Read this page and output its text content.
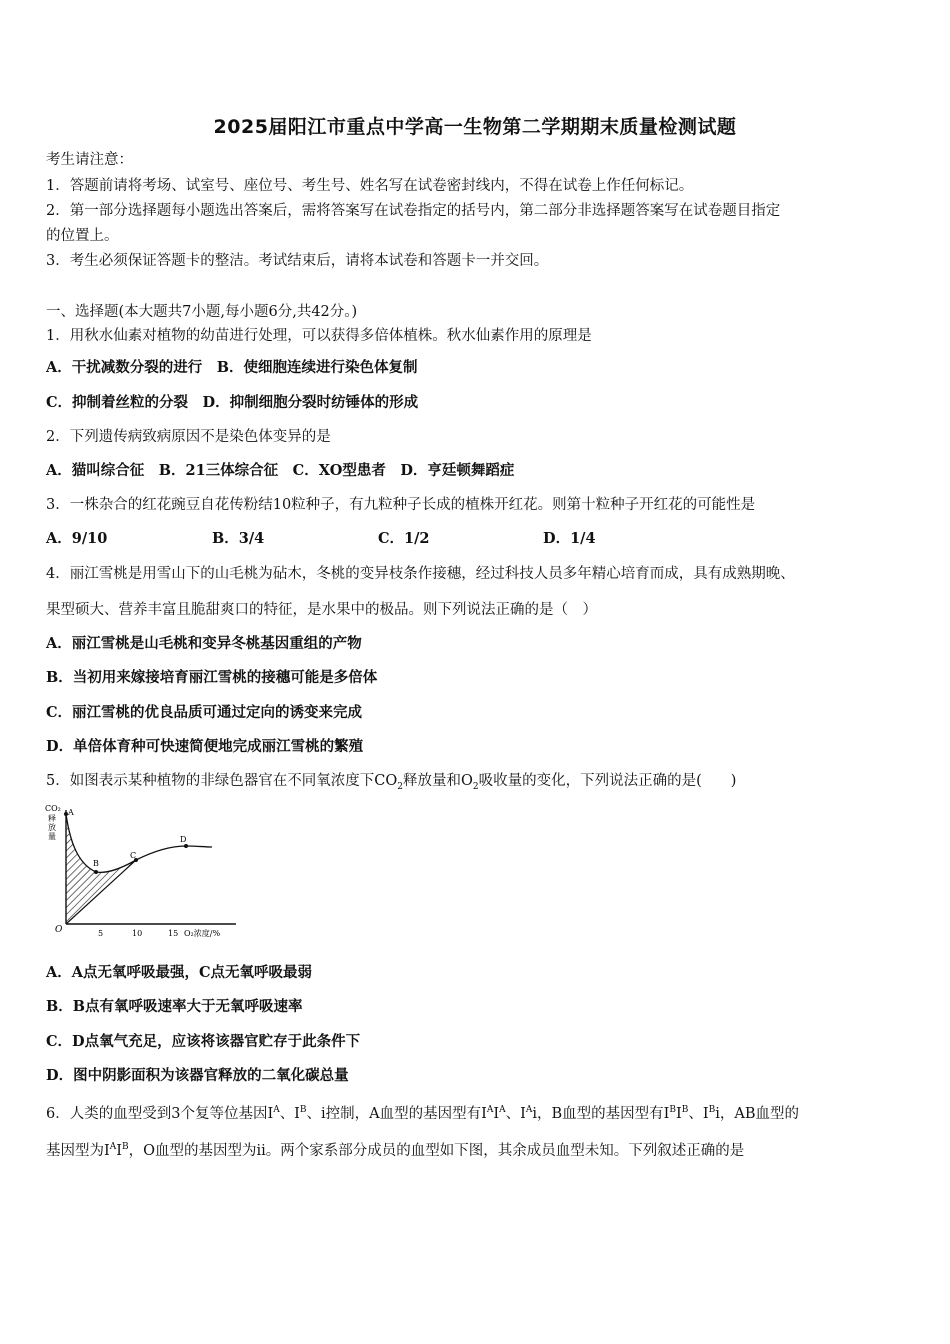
2025届阳江市重点中学高一生物第二学期期末质量检测试题
考生请注意：
1．答题前请将考场、试室号、座位号、考生号、姓名写在试卷密封线内，不得在试卷上作任何标记。
2．第一部分选择题每小题选出答案后，需将答案写在试卷指定的括号内，第二部分非选择题答案写在试卷题目指定
的位置上。
3．考生必须保证答题卡的整洁。考试结束后，请将本试卷和答题卡一并交回。
一、选择题(本大题共7小题,每小题6分,共42分。)
1．用秋水仙素对植物的幼苗进行处理，可以获得多倍体植株。秋水仙素作用的原理是
A．干扰减数分裂的进行　B．使细胞连续进行染色体复制
C．抑制着丝粒的分裂　D．抑制细胞分裂时纺锤体的形成
2．下列遗传病致病原因不是染色体变异的是
A．猫叫综合征　B．21三体综合征　C．XO型患者　D．亨廷顿舞蹈症
3．一株杂合的红花豌豆自花传粉结10粒种子，有九粒种子长成的植株开红花。则第十粒种子开红花的可能性是
A．9/10	B．3/4	C．1/2	D．1/4
4．丽江雪桃是用雪山下的山毛桃为砧木，冬桃的变异枝条作接穗，经过科技人员多年精心培育而成，具有成熟期晚、
果型硕大、营养丰富且脆甜爽口的特征，是水果中的极品。则下列说法正确的是（　）
A．丽江雪桃是山毛桃和变异冬桃基因重组的产物
B．当初用来嫁接培育丽江雪桃的接穗可能是多倍体
C．丽江雪桃的优良品质可通过定向的诱变来完成
D．单倍体育种可快速简便地完成丽江雪桃的繁殖
5．如图表示某种植物的非绿色器官在不同氧浓度下$CO_2$释放量和$O_2$吸收量的变化，下列说法正确的是(　　)
CO₂
释
放
量
A
B
C
D
O	5	10	15 O₂浓度/%
A．A点无氧呼吸最强，C点无氧呼吸最弱
B．B点有氧呼吸速率大于无氧呼吸速率
C．D点氧气充足，应该将该器官贮存于此条件下
D．图中阴影面积为该器官释放的二氧化碳总量
6．人类的血型受到3个复等位基因$I^A$、$I^B$、i控制，A血型的基因型有$I^AI^A$、$I^Ai$，B血型的基因型有$I^BI^B$、$I^Bi$，AB血型的
基因型为$I^AI^B$，O血型的基因型为ii。两个家系部分成员的血型如下图，其余成员血型未知。下列叙述正确的是
